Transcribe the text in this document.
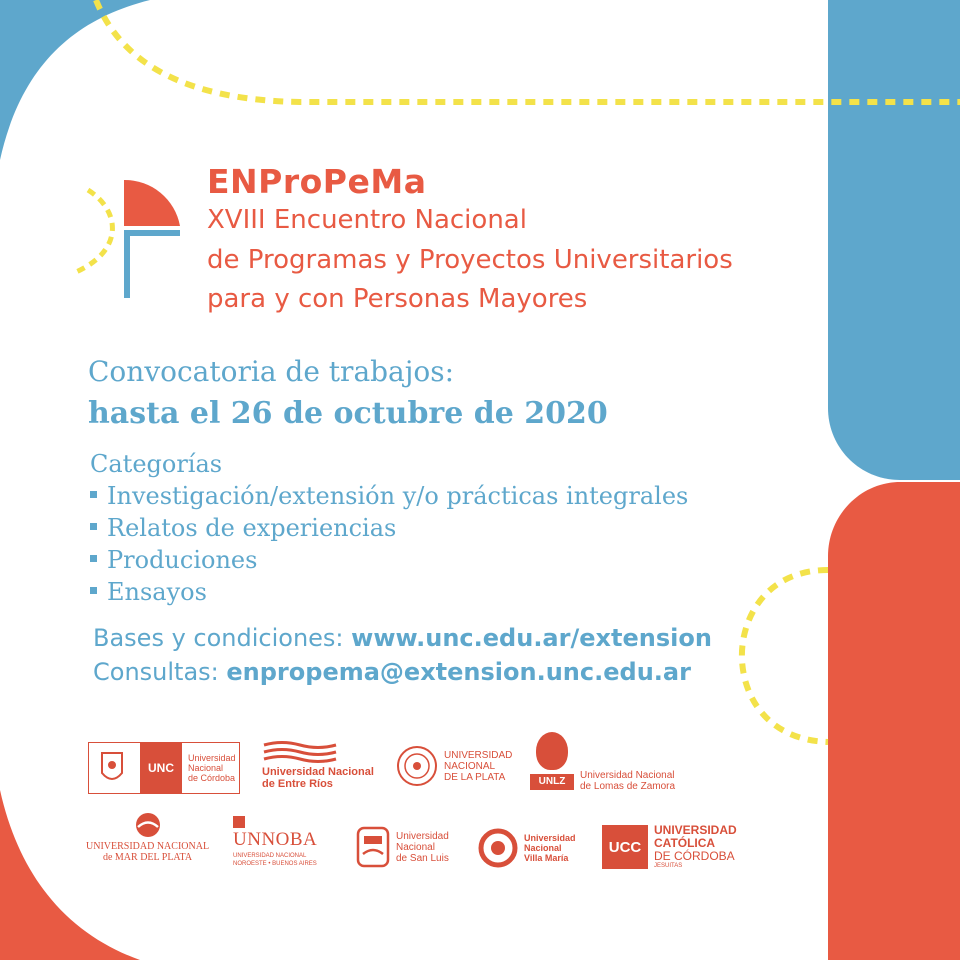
ENProPeMa
XVIII Encuentro Nacional
de Programas y Proyectos Universitarios
para y con Personas Mayores
Convocatoria de trabajos:
hasta el 26 de octubre de 2020
Categorías
Investigación/extensión y/o prácticas integrales
Relatos de experiencias
Produciones
Ensayos
Bases y condiciones: www.unc.edu.ar/extension
Consultas: enpropema@extension.unc.edu.ar
UNC
Universidad
Nacional
de Córdoba Universidad Nacional
de Entre Ríos
UNIVERSIDAD
NACIONAL
DE LA PLATA	UNLZ
Universidad Nacional
de Lomas de Zamora
UNIVERSIDAD NACIONAL
de MAR DEL PLATA
UNNOBA
UNIVERSIDAD NACIONAL
NOROESTE • BUENOS AIRES
Universidad
Nacional
de San Luis
Universidad
Nacional
Villa María
UCC
UNIVERSIDAD
CATÓLICA
DE CÓRDOBA
JESUITAS
